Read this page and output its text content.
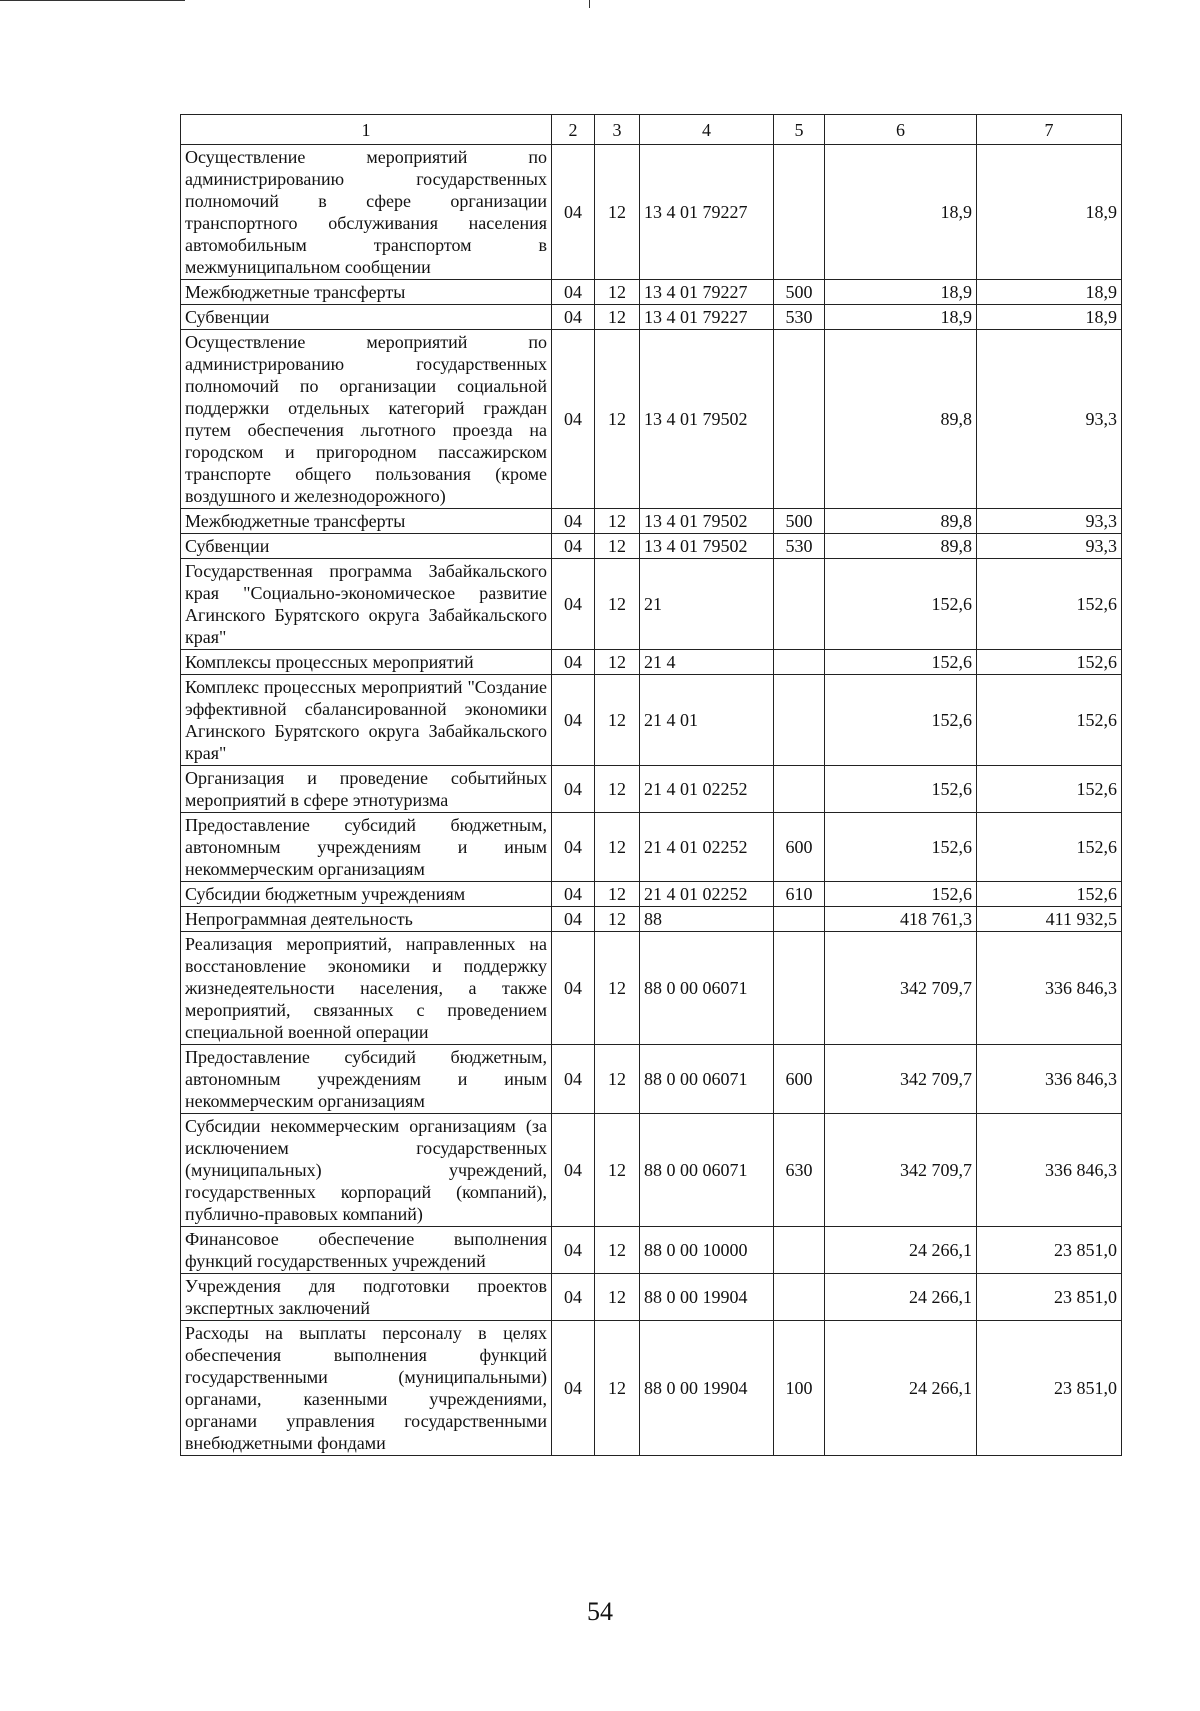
1	2	3	4	5	6	7
Осуществление мероприятий по администрированию государственных полномочий в сфере организации транспортного обслуживания населения автомобильным транспортом в межмуниципальном сообщении	04	12	13 4 01 79227		18,9	18,9
Межбюджетные трансферты	04	12	13 4 01 79227	500	18,9	18,9
Субвенции	04	12	13 4 01 79227	530	18,9	18,9
Осуществление мероприятий по администрированию государственных полномочий по организации социальной поддержки отдельных категорий граждан путем обеспечения льготного проезда на городском и пригородном пассажирском транспорте общего пользования (кроме воздушного и железнодорожного)	04	12	13 4 01 79502		89,8	93,3
Межбюджетные трансферты	04	12	13 4 01 79502	500	89,8	93,3
Субвенции	04	12	13 4 01 79502	530	89,8	93,3
Государственная программа Забайкальского края "Социально-экономическое развитие Агинского Бурятского округа Забайкальского края"	04	12	21		152,6	152,6
Комплексы процессных мероприятий	04	12	21 4		152,6	152,6
Комплекс процессных мероприятий "Создание эффективной сбалансированной экономики Агинского Бурятского округа Забайкальского края"	04	12	21 4 01		152,6	152,6
Организация и проведение событийных мероприятий в сфере этнотуризма	04	12	21 4 01 02252		152,6	152,6
Предоставление субсидий бюджетным, автономным учреждениям и иным некоммерческим организациям	04	12	21 4 01 02252	600	152,6	152,6
Субсидии бюджетным учреждениям	04	12	21 4 01 02252	610	152,6	152,6
Непрограммная деятельность	04	12	88		418 761,3	411 932,5
Реализация мероприятий, направленных на восстановление экономики и поддержку жизнедеятельности населения, а также мероприятий, связанных с проведением специальной военной операции	04	12	88 0 00 06071		342 709,7	336 846,3
Предоставление субсидий бюджетным, автономным учреждениям и иным некоммерческим организациям	04	12	88 0 00 06071	600	342 709,7	336 846,3
Субсидии некоммерческим организациям (за исключением государственных (муниципальных) учреждений, государственных корпораций (компаний), публично-правовых компаний)	04	12	88 0 00 06071	630	342 709,7	336 846,3
Финансовое обеспечение выполнения функций государственных учреждений	04	12	88 0 00 10000		24 266,1	23 851,0
Учреждения для подготовки проектов экспертных заключений	04	12	88 0 00 19904		24 266,1	23 851,0
Расходы на выплаты персоналу в целях обеспечения выполнения функций государственными (муниципальными) органами, казенными учреждениями, органами управления государственными внебюджетными фондами	04	12	88 0 00 19904	100	24 266,1	23 851,0
54
